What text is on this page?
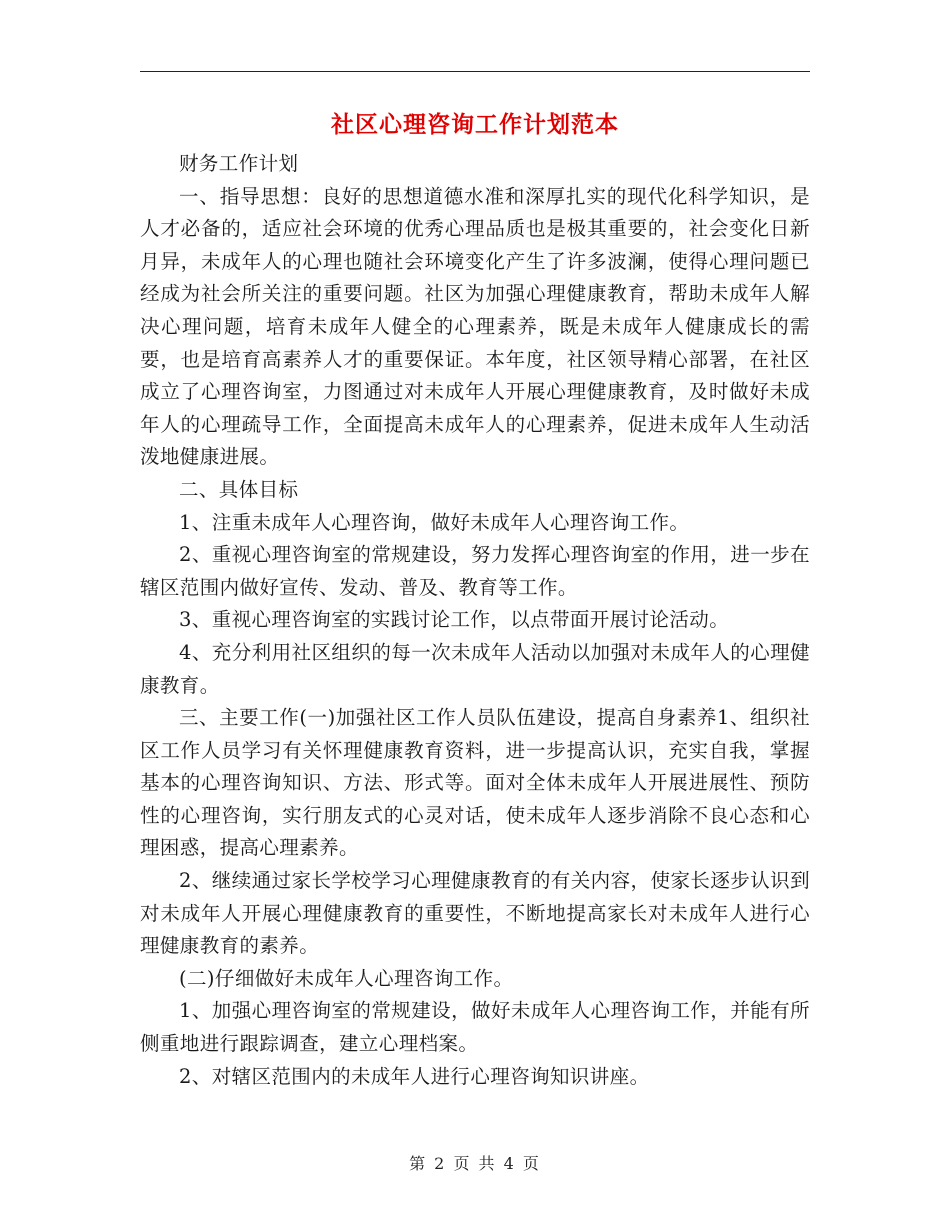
社区心理咨询工作计划范本

财务工作计划

一、指导思想：良好的思想道德水准和深厚扎实的现代化科学知识，是人才必备的，适应社会环境的优秀心理品质也是极其重要的，社会变化日新月异，未成年人的心理也随社会环境变化产生了许多波澜，使得心理问题已经成为社会所关注的重要问题。社区为加强心理健康教育，帮助未成年人解决心理问题，培育未成年人健全的心理素养，既是未成年人健康成长的需要，也是培育高素养人才的重要保证。本年度，社区领导精心部署，在社区成立了心理咨询室，力图通过对未成年人开展心理健康教育，及时做好未成年人的心理疏导工作，全面提高未成年人的心理素养，促进未成年人生动活泼地健康进展。

二、具体目标

1、注重未成年人心理咨询，做好未成年人心理咨询工作。

2、重视心理咨询室的常规建设，努力发挥心理咨询室的作用，进一步在辖区范围内做好宣传、发动、普及、教育等工作。

3、重视心理咨询室的实践讨论工作，以点带面开展讨论活动。

4、充分利用社区组织的每一次未成年人活动以加强对未成年人的心理健康教育。

三、主要工作(一)加强社区工作人员队伍建设，提高自身素养1、组织社区工作人员学习有关怀理健康教育资料，进一步提高认识，充实自我，掌握基本的心理咨询知识、方法、形式等。面对全体未成年人开展进展性、预防性的心理咨询，实行朋友式的心灵对话，使未成年人逐步消除不良心态和心理困惑，提高心理素养。

2、继续通过家长学校学习心理健康教育的有关内容，使家长逐步认识到对未成年人开展心理健康教育的重要性，不断地提高家长对未成年人进行心理健康教育的素养。

(二)仔细做好未成年人心理咨询工作。

1、加强心理咨询室的常规建设，做好未成年人心理咨询工作，并能有所侧重地进行跟踪调查，建立心理档案。

2、对辖区范围内的未成年人进行心理咨询知识讲座。

第 2 页 共 4 页
